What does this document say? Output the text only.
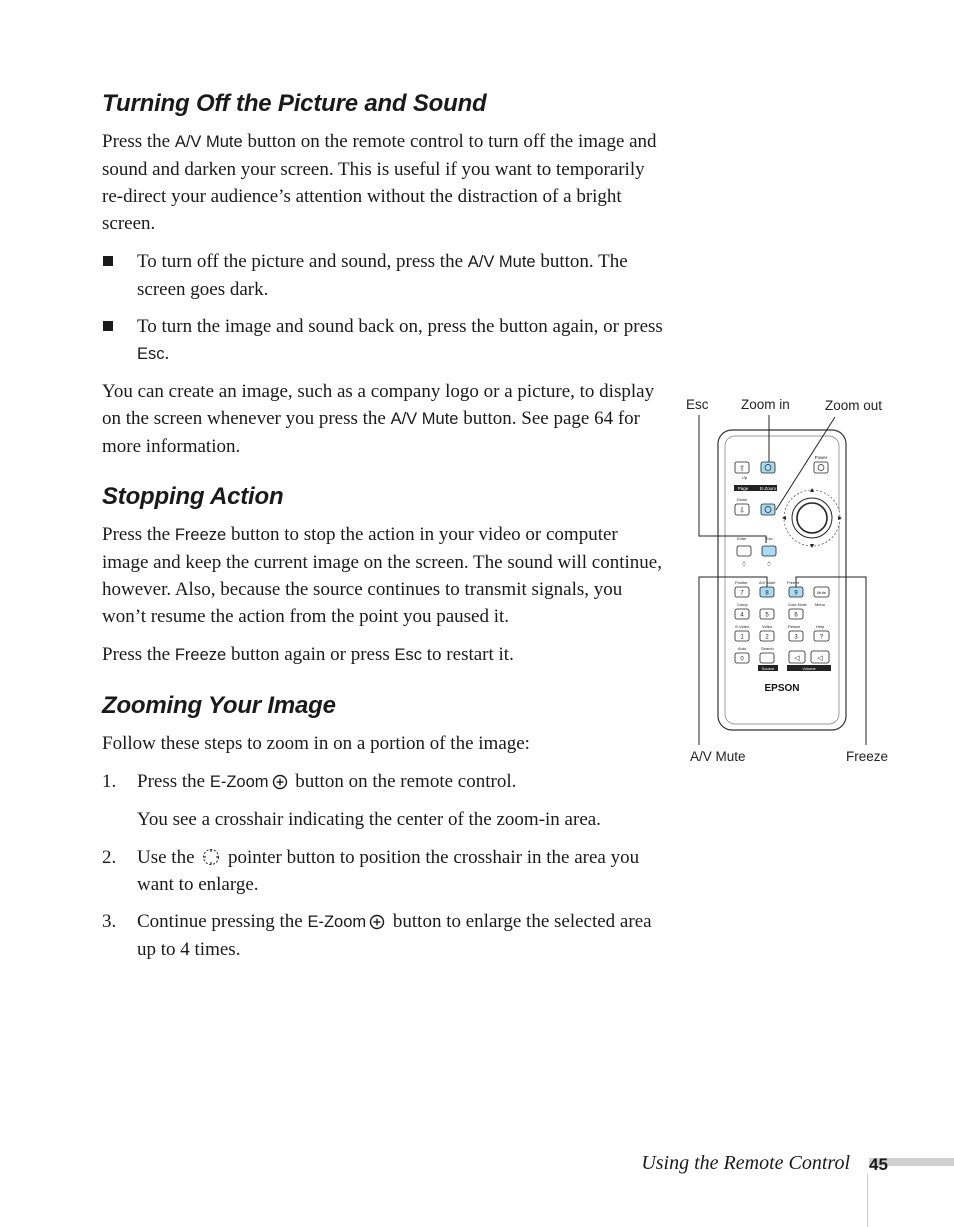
Turning Off the Picture and Sound

Press the A/V Mute button on the remote control to turn off the image and sound and darken your screen. This is useful if you want to temporarily re-direct your audience’s attention without the distraction of a bright screen.

To turn off the picture and sound, press the A/V Mute button. The screen goes dark.
To turn the image and sound back on, press the button again, or press Esc.

You can create an image, such as a company logo or a picture, to display on the screen whenever you press the A/V Mute button. See page 64 for more information.

Stopping Action

Press the Freeze button to stop the action in your video or computer image and keep the current image on the screen. The sound will continue, however. Also, because the source continues to transmit signals, you won’t resume the action from the point you paused it.

Press the Freeze button again or press Esc to restart it.

Zooming Your Image

Follow these steps to zoom in on a portion of the image:

1. Press the E-Zoom button on the remote control.

You see a crosshair indicating the center of the zoom-in area.

2. Use the  pointer button to position the crosshair in the area you want to enlarge.
3. Continue pressing the E-Zoom button to enlarge the selected area up to 4 times.
Esc Zoom in	Zoom out
A/V Mute	Freeze
Power
Up
⇧
Page	E-Zoom
Down
⇩
Enter	Esc
⍥	⍥
Pointer	A/V Mute	Freeze
7	8	9	Mute
Comp	Color Mode Menu
4	5	6
S-Video	Video	Resize	Help
1	2	3	?
Auto	Search
0	◁	◁
Source	Volume
EPSON
Using the Remote Control 45
